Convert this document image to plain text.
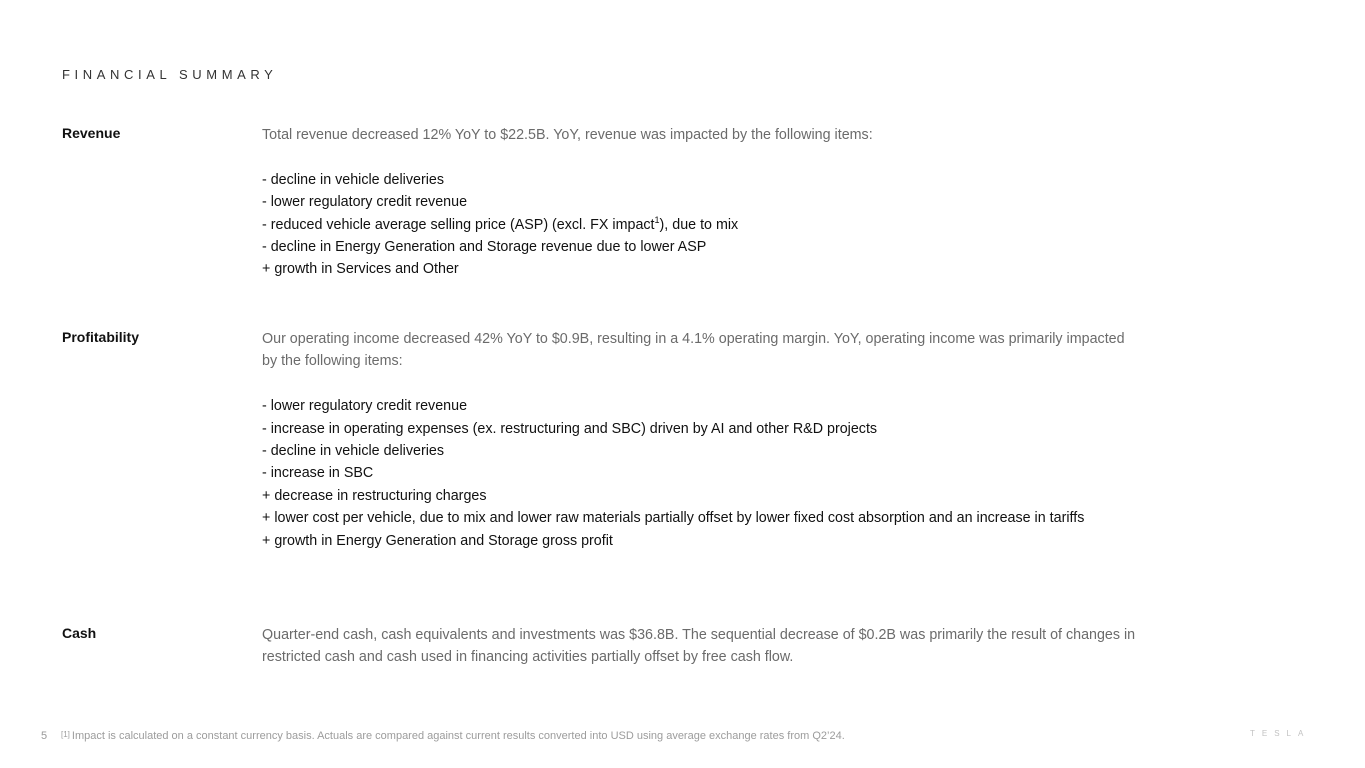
FINANCIAL SUMMARY
Revenue	Total revenue decreased 12% YoY to $22.5B. YoY, revenue was impacted by the following items:
- decline in vehicle deliveries
- lower regulatory credit revenue
- reduced vehicle average selling price (ASP) (excl. FX impact$^1$), due to mix
- decline in Energy Generation and Storage revenue due to lower ASP
+ growth in Services and Other
Profitability	Our operating income decreased 42% YoY to $0.9B, resulting in a 4.1% operating margin. YoY, operating income was primarily impacted by the following items:
- lower regulatory credit revenue
- increase in operating expenses (ex. restructuring and SBC) driven by AI and other R&D projects
- decline in vehicle deliveries
- increase in SBC
+ decrease in restructuring charges
+ lower cost per vehicle, due to mix and lower raw materials partially offset by lower fixed cost absorption and an increase in tariffs
+ growth in Energy Generation and Storage gross profit
Cash	Quarter-end cash, cash equivalents and investments was $36.8B. The sequential decrease of $0.2B was primarily the result of changes in restricted cash and cash used in financing activities partially offset by free cash flow.
5 [1] Impact is calculated on a constant currency basis. Actuals are compared against current results converted into USD using average exchange rates from Q2’24.	TESLA
